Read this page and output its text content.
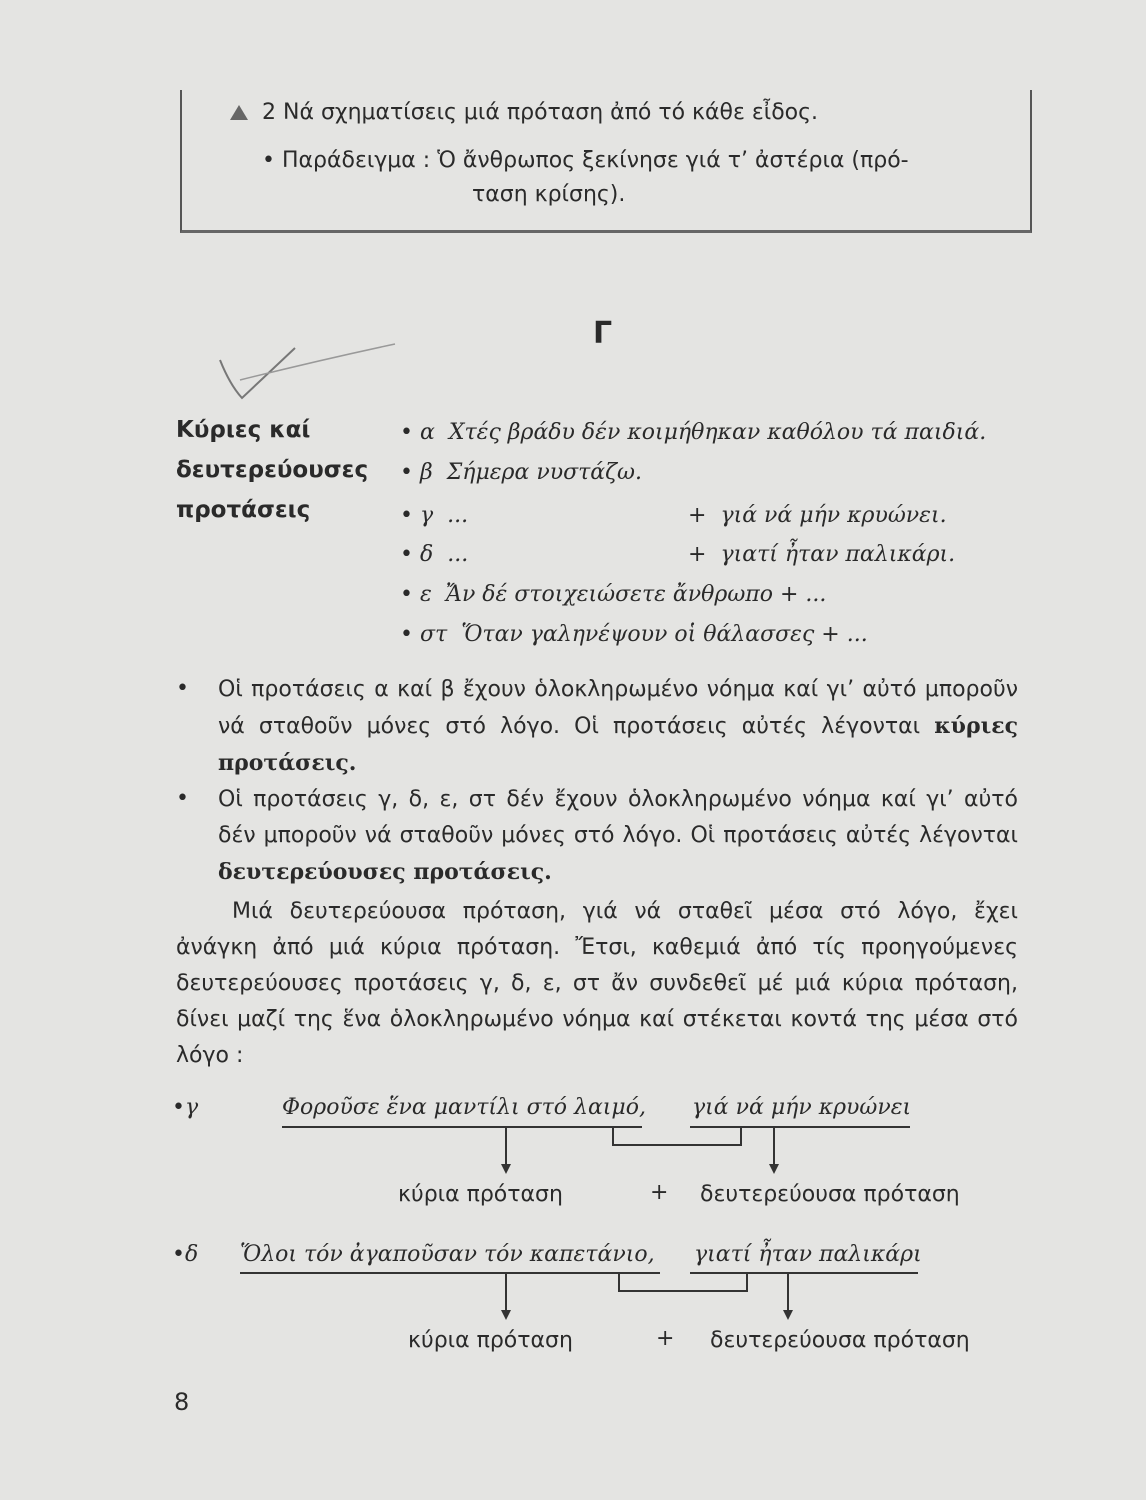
2 Νά σχηματίσεις μιά πρόταση ἀπό τό κάθε εἶδος.
• Παράδειγμα : Ὁ ἄνθρωπος ξεκίνησε γιά τ’ ἀστέρια (πρό-
ταση κρίσης).
Γ
Κύριες καί
δευτερεύουσες
προτάσεις
• α Χτές βράδυ δέν κοιμήθηκαν καθόλου τά παιδιά.
• β Σήμερα νυστάζω.
• γ ...	+ γιά νά μήν κρυώνει.
• δ ...	+ γιατί ἦταν παλικάρι.
• ε Ἄν δέ στοιχειώσετε ἄνθρωπο + ...
• στ Ὅταν γαληνέψουν οἱ θάλασσες + ...
Οἱ προτάσεις α καί β ἔχουν ὁλοκληρωμένο νόημα καί γι’ αὐτό μποροῦν νά σταθοῦν μόνες στό λόγο. Οἱ προτάσεις αὐτές λέγονται κύριες προτάσεις.
•
Οἱ προτάσεις γ, δ, ε, στ δέν ἔχουν ὁλοκληρωμένο νόημα καί γι’ αὐτό δέν μποροῦν νά σταθοῦν μόνες στό λόγο. Οἱ προτάσεις αὐτές λέγονται δευτερεύουσες προτάσεις.
•
Μιά δευτερεύουσα πρόταση, γιά νά σταθεῖ μέσα στό λόγο, ἔχει ἀνάγκη ἀπό μιά κύρια πρόταση. Ἔτσι, καθεμιά ἀπό τίς προηγούμενες δευτερεύουσες προτάσεις γ, δ, ε, στ ἄν συνδεθεῖ μέ μιά κύρια πρόταση, δίνει μαζί της ἕνα ὁλοκληρωμένο νόημα καί στέκεται κοντά της μέσα στό λόγο :
•γ	Φοροῦσε ἕνα μαντίλι στό λαιμό, γιά νά μήν κρυώνει
κύρια πρόταση	+ δευτερεύουσα πρόταση
•δ Ὅλοι τόν ἀγαποῦσαν τόν καπετάνιο, γιατί ἦταν παλικάρι
κύρια πρόταση	+ δευτερεύουσα πρόταση
8
